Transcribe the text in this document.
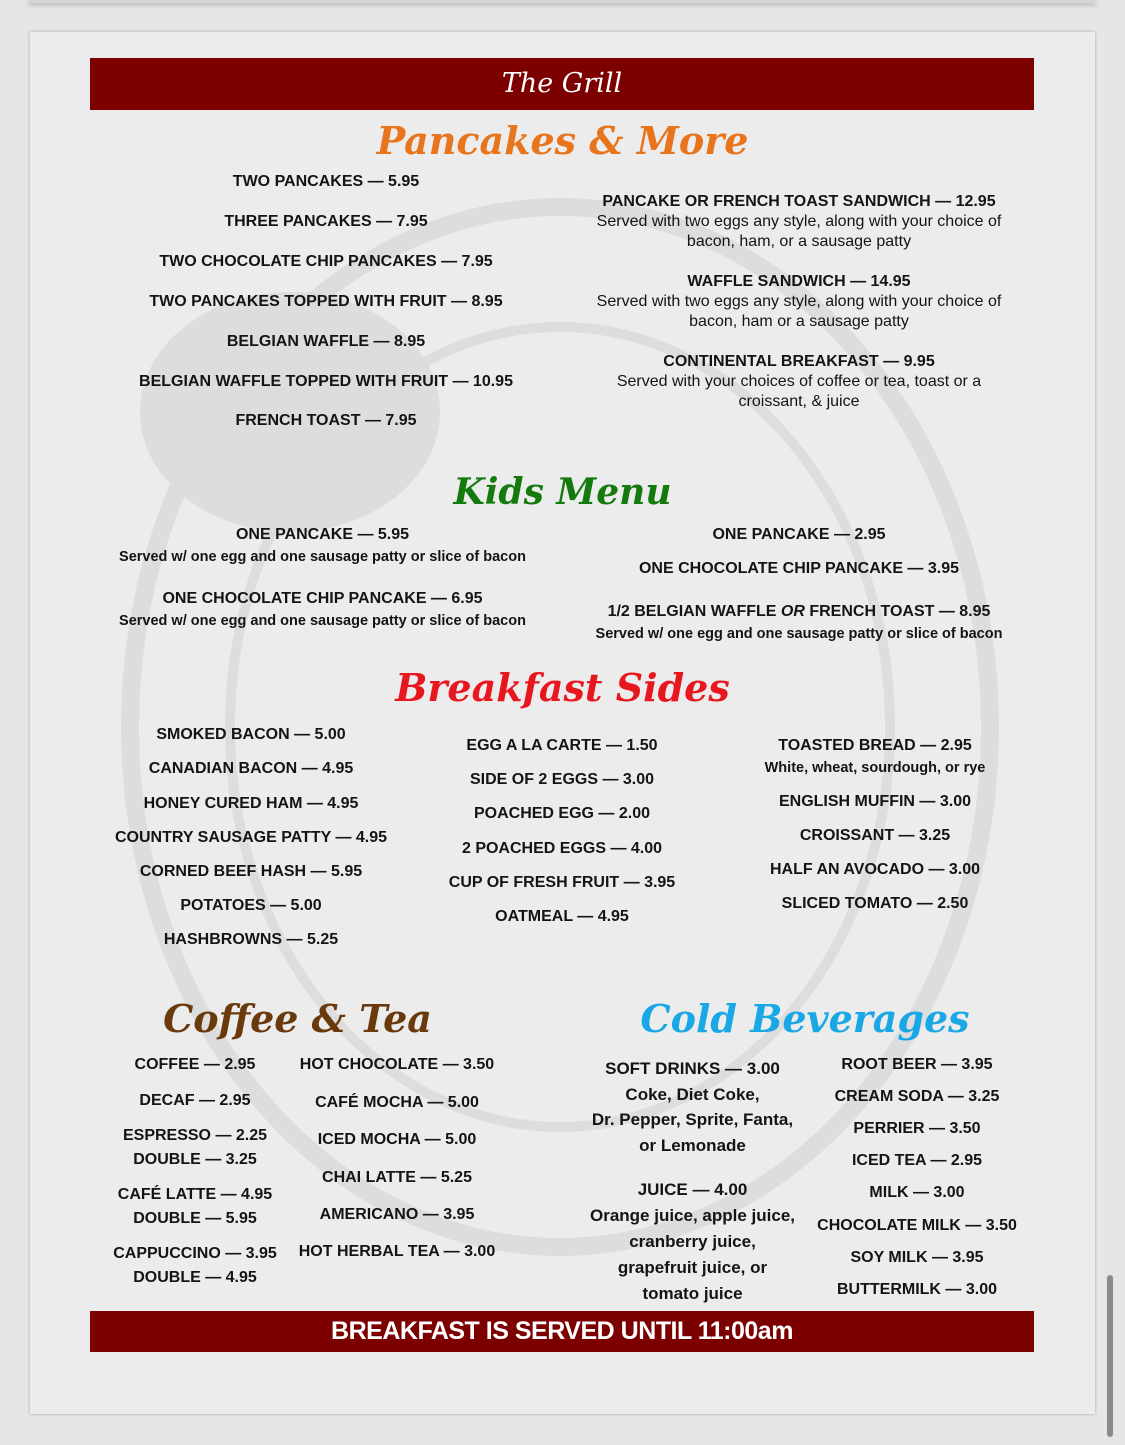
The Grill
Pancakes & More
TWO PANCAKES — 5.95
THREE PANCAKES — 7.95
TWO CHOCOLATE CHIP PANCAKES — 7.95
TWO PANCAKES TOPPED WITH FRUIT — 8.95
BELGIAN WAFFLE — 8.95
BELGIAN WAFFLE TOPPED WITH FRUIT — 10.95
FRENCH TOAST — 7.95
PANCAKE OR FRENCH TOAST SANDWICH — 12.95
Served with two eggs any style, along with your choice of
bacon, ham, or a sausage patty
WAFFLE SANDWICH — 14.95
Served with two eggs any style, along with your choice of
bacon, ham or a sausage patty
CONTINENTAL BREAKFAST — 9.95
Served with your choices of coffee or tea, toast or a
croissant, & juice
Kids Menu
ONE PANCAKE — 5.95
Served w/ one egg and one sausage patty or slice of bacon
ONE CHOCOLATE CHIP PANCAKE — 6.95
Served w/ one egg and one sausage patty or slice of bacon
ONE PANCAKE — 2.95
ONE CHOCOLATE CHIP PANCAKE — 3.95
1/2 BELGIAN WAFFLE OR FRENCH TOAST — 8.95
Served w/ one egg and one sausage patty or slice of bacon
Breakfast Sides
SMOKED BACON — 5.00
CANADIAN BACON — 4.95
HONEY CURED HAM — 4.95
COUNTRY SAUSAGE PATTY — 4.95
CORNED BEEF HASH — 5.95
POTATOES — 5.00
HASHBROWNS — 5.25
EGG A LA CARTE — 1.50
SIDE OF 2 EGGS — 3.00
POACHED EGG — 2.00
2 POACHED EGGS — 4.00
CUP OF FRESH FRUIT — 3.95
OATMEAL — 4.95
TOASTED BREAD — 2.95
White, wheat, sourdough, or rye
ENGLISH MUFFIN — 3.00
CROISSANT — 3.25
HALF AN AVOCADO — 3.00
SLICED TOMATO — 2.50
Coffee & Tea
COFFEE — 2.95
DECAF — 2.95
ESPRESSO — 2.25
DOUBLE — 3.25
CAFÉ LATTE — 4.95
DOUBLE — 5.95
CAPPUCCINO — 3.95
DOUBLE — 4.95
HOT CHOCOLATE — 3.50
CAFÉ MOCHA — 5.00
ICED MOCHA — 5.00
CHAI LATTE — 5.25
AMERICANO — 3.95
HOT HERBAL TEA — 3.00
Cold Beverages
SOFT DRINKS — 3.00
Coke, Diet Coke,
Dr. Pepper, Sprite, Fanta,
or Lemonade
JUICE — 4.00
Orange juice, apple juice,
cranberry juice,
grapefruit juice, or
tomato juice
ROOT BEER — 3.95
CREAM SODA — 3.25
PERRIER — 3.50
ICED TEA — 2.95
MILK — 3.00
CHOCOLATE MILK — 3.50
SOY MILK — 3.95
BUTTERMILK — 3.00
BREAKFAST IS SERVED UNTIL 11:00am
